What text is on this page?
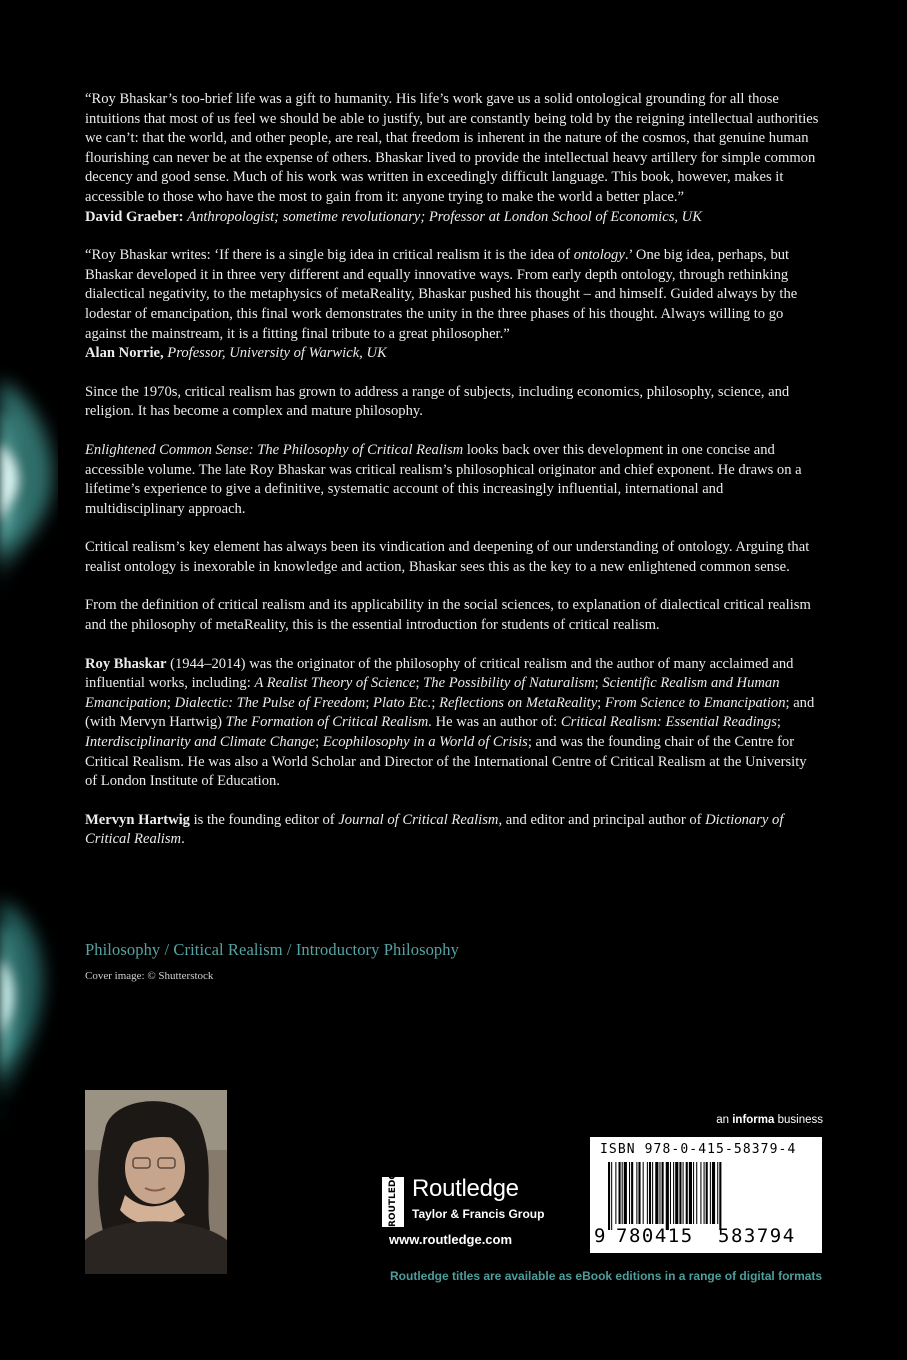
“Roy Bhaskar’s too-brief life was a gift to humanity. His life’s work gave us a solid ontological grounding for all those intuitions that most of us feel we should be able to justify, but are constantly being told by the reigning intellectual authorities we can’t: that the world, and other people, are real, that freedom is inherent in the nature of the cosmos, that genuine human flourishing can never be at the expense of others. Bhaskar lived to provide the intellectual heavy artillery for simple common decency and good sense. Much of his work was written in exceedingly difficult language. This book, however, makes it accessible to those who have the most to gain from it: anyone trying to make the world a better place.”
David Graeber: Anthropologist; sometime revolutionary; Professor at London School of Economics, UK

“Roy Bhaskar writes: ‘If there is a single big idea in critical realism it is the idea of ontology.’ One big idea, perhaps, but Bhaskar developed it in three very different and equally innovative ways. From early depth ontology, through rethinking dialectical negativity, to the metaphysics of metaReality, Bhaskar pushed his thought – and himself. Guided always by the lodestar of emancipation, this final work demonstrates the unity in the three phases of his thought. Always willing to go against the mainstream, it is a fitting final tribute to a great philosopher.”
Alan Norrie, Professor, University of Warwick, UK

Since the 1970s, critical realism has grown to address a range of subjects, including economics, philosophy, science, and religion. It has become a complex and mature philosophy.

Enlightened Common Sense: The Philosophy of Critical Realism looks back over this development in one concise and accessible volume. The late Roy Bhaskar was critical realism’s philosophical originator and chief exponent. He draws on a lifetime’s experience to give a definitive, systematic account of this increasingly influential, international and multidisciplinary approach.

Critical realism’s key element has always been its vindication and deepening of our understanding of ontology. Arguing that realist ontology is inexorable in knowledge and action, Bhaskar sees this as the key to a new enlightened common sense.

From the definition of critical realism and its applicability in the social sciences, to explanation of dialectical critical realism and the philosophy of metaReality, this is the essential introduction for students of critical realism.

Roy Bhaskar (1944–2014) was the originator of the philosophy of critical realism and the author of many acclaimed and influential works, including: A Realist Theory of Science; The Possibility of Naturalism; Scientific Realism and Human Emancipation; Dialectic: The Pulse of Freedom; Plato Etc.; Reflections on MetaReality; From Science to Emancipation; and (with Mervyn Hartwig) The Formation of Critical Realism. He was an author of: Critical Realism: Essential Readings; Interdisciplinarity and Climate Change; Ecophilosophy in a World of Crisis; and was the founding chair of the Centre for Critical Realism. He was also a World Scholar and Director of the International Centre of Critical Realism at the University of London Institute of Education.

Mervyn Hartwig is the founding editor of Journal of Critical Realism, and editor and principal author of Dictionary of Critical Realism.

Philosophy / Critical Realism / Introductory Philosophy
Cover image: © Shutterstock
ROUTLEDGE Routledge
Taylor & Francis Group
www.routledge.com
an informa business
ISBN 978-0-415-58379-4
9 780415 583794
Routledge titles are available as eBook editions in a range of digital formats
